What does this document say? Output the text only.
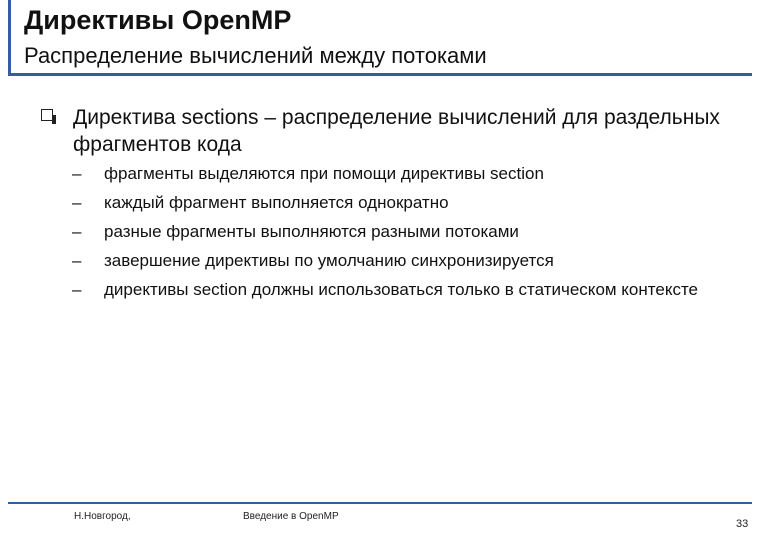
Директивы OpenMP
Распределение вычислений между потоками
Директива sections – распределение вычислений для раздельных фрагментов кода
– фрагменты выделяются при помощи директивы section
– каждый фрагмент выполняется однократно
– разные фрагменты выполняются разными потоками
– завершение директивы по умолчанию синхронизируется
– директивы section должны использоваться только в статическом контексте
Н.Новгород,	Введение в OpenMP
33
